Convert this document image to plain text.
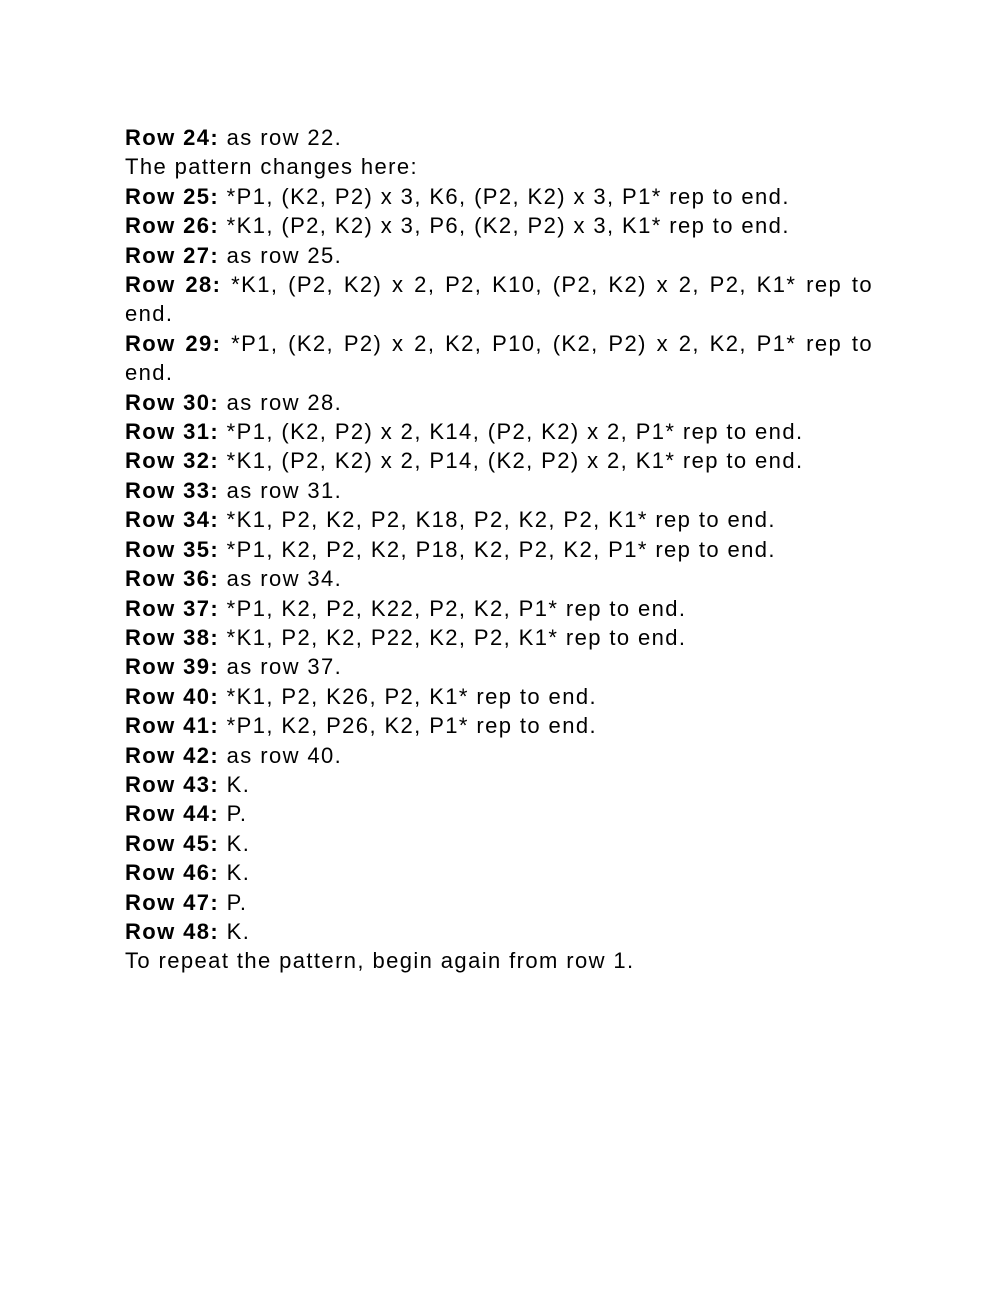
Row 24: as row 22.

The pattern changes here:

Row 25: *P1, (K2, P2) x 3, K6, (P2, K2) x 3, P1* rep to end.

Row 26: *K1, (P2, K2) x 3, P6, (K2, P2) x 3, K1* rep to end.

Row 27: as row 25.

Row 28: *K1, (P2, K2) x 2, P2, K10, (P2, K2) x 2, P2, K1* rep to end.

Row 29: *P1, (K2, P2) x 2, K2, P10, (K2, P2) x 2, K2, P1* rep to end.

Row 30: as row 28.

Row 31: *P1, (K2, P2) x 2, K14, (P2, K2) x 2, P1* rep to end.

Row 32: *K1, (P2, K2) x 2, P14, (K2, P2) x 2, K1* rep to end.

Row 33: as row 31.

Row 34: *K1, P2, K2, P2, K18, P2, K2, P2, K1* rep to end.

Row 35: *P1, K2, P2, K2, P18, K2, P2, K2, P1* rep to end.

Row 36: as row 34.

Row 37: *P1, K2, P2, K22, P2, K2, P1* rep to end.

Row 38: *K1, P2, K2, P22, K2, P2, K1* rep to end.

Row 39: as row 37.

Row 40: *K1, P2, K26, P2, K1* rep to end.

Row 41: *P1, K2, P26, K2, P1* rep to end.

Row 42: as row 40.

Row 43: K.

Row 44: P.

Row 45: K.

Row 46: K.

Row 47: P.

Row 48: K.

To repeat the pattern, begin again from row 1.
